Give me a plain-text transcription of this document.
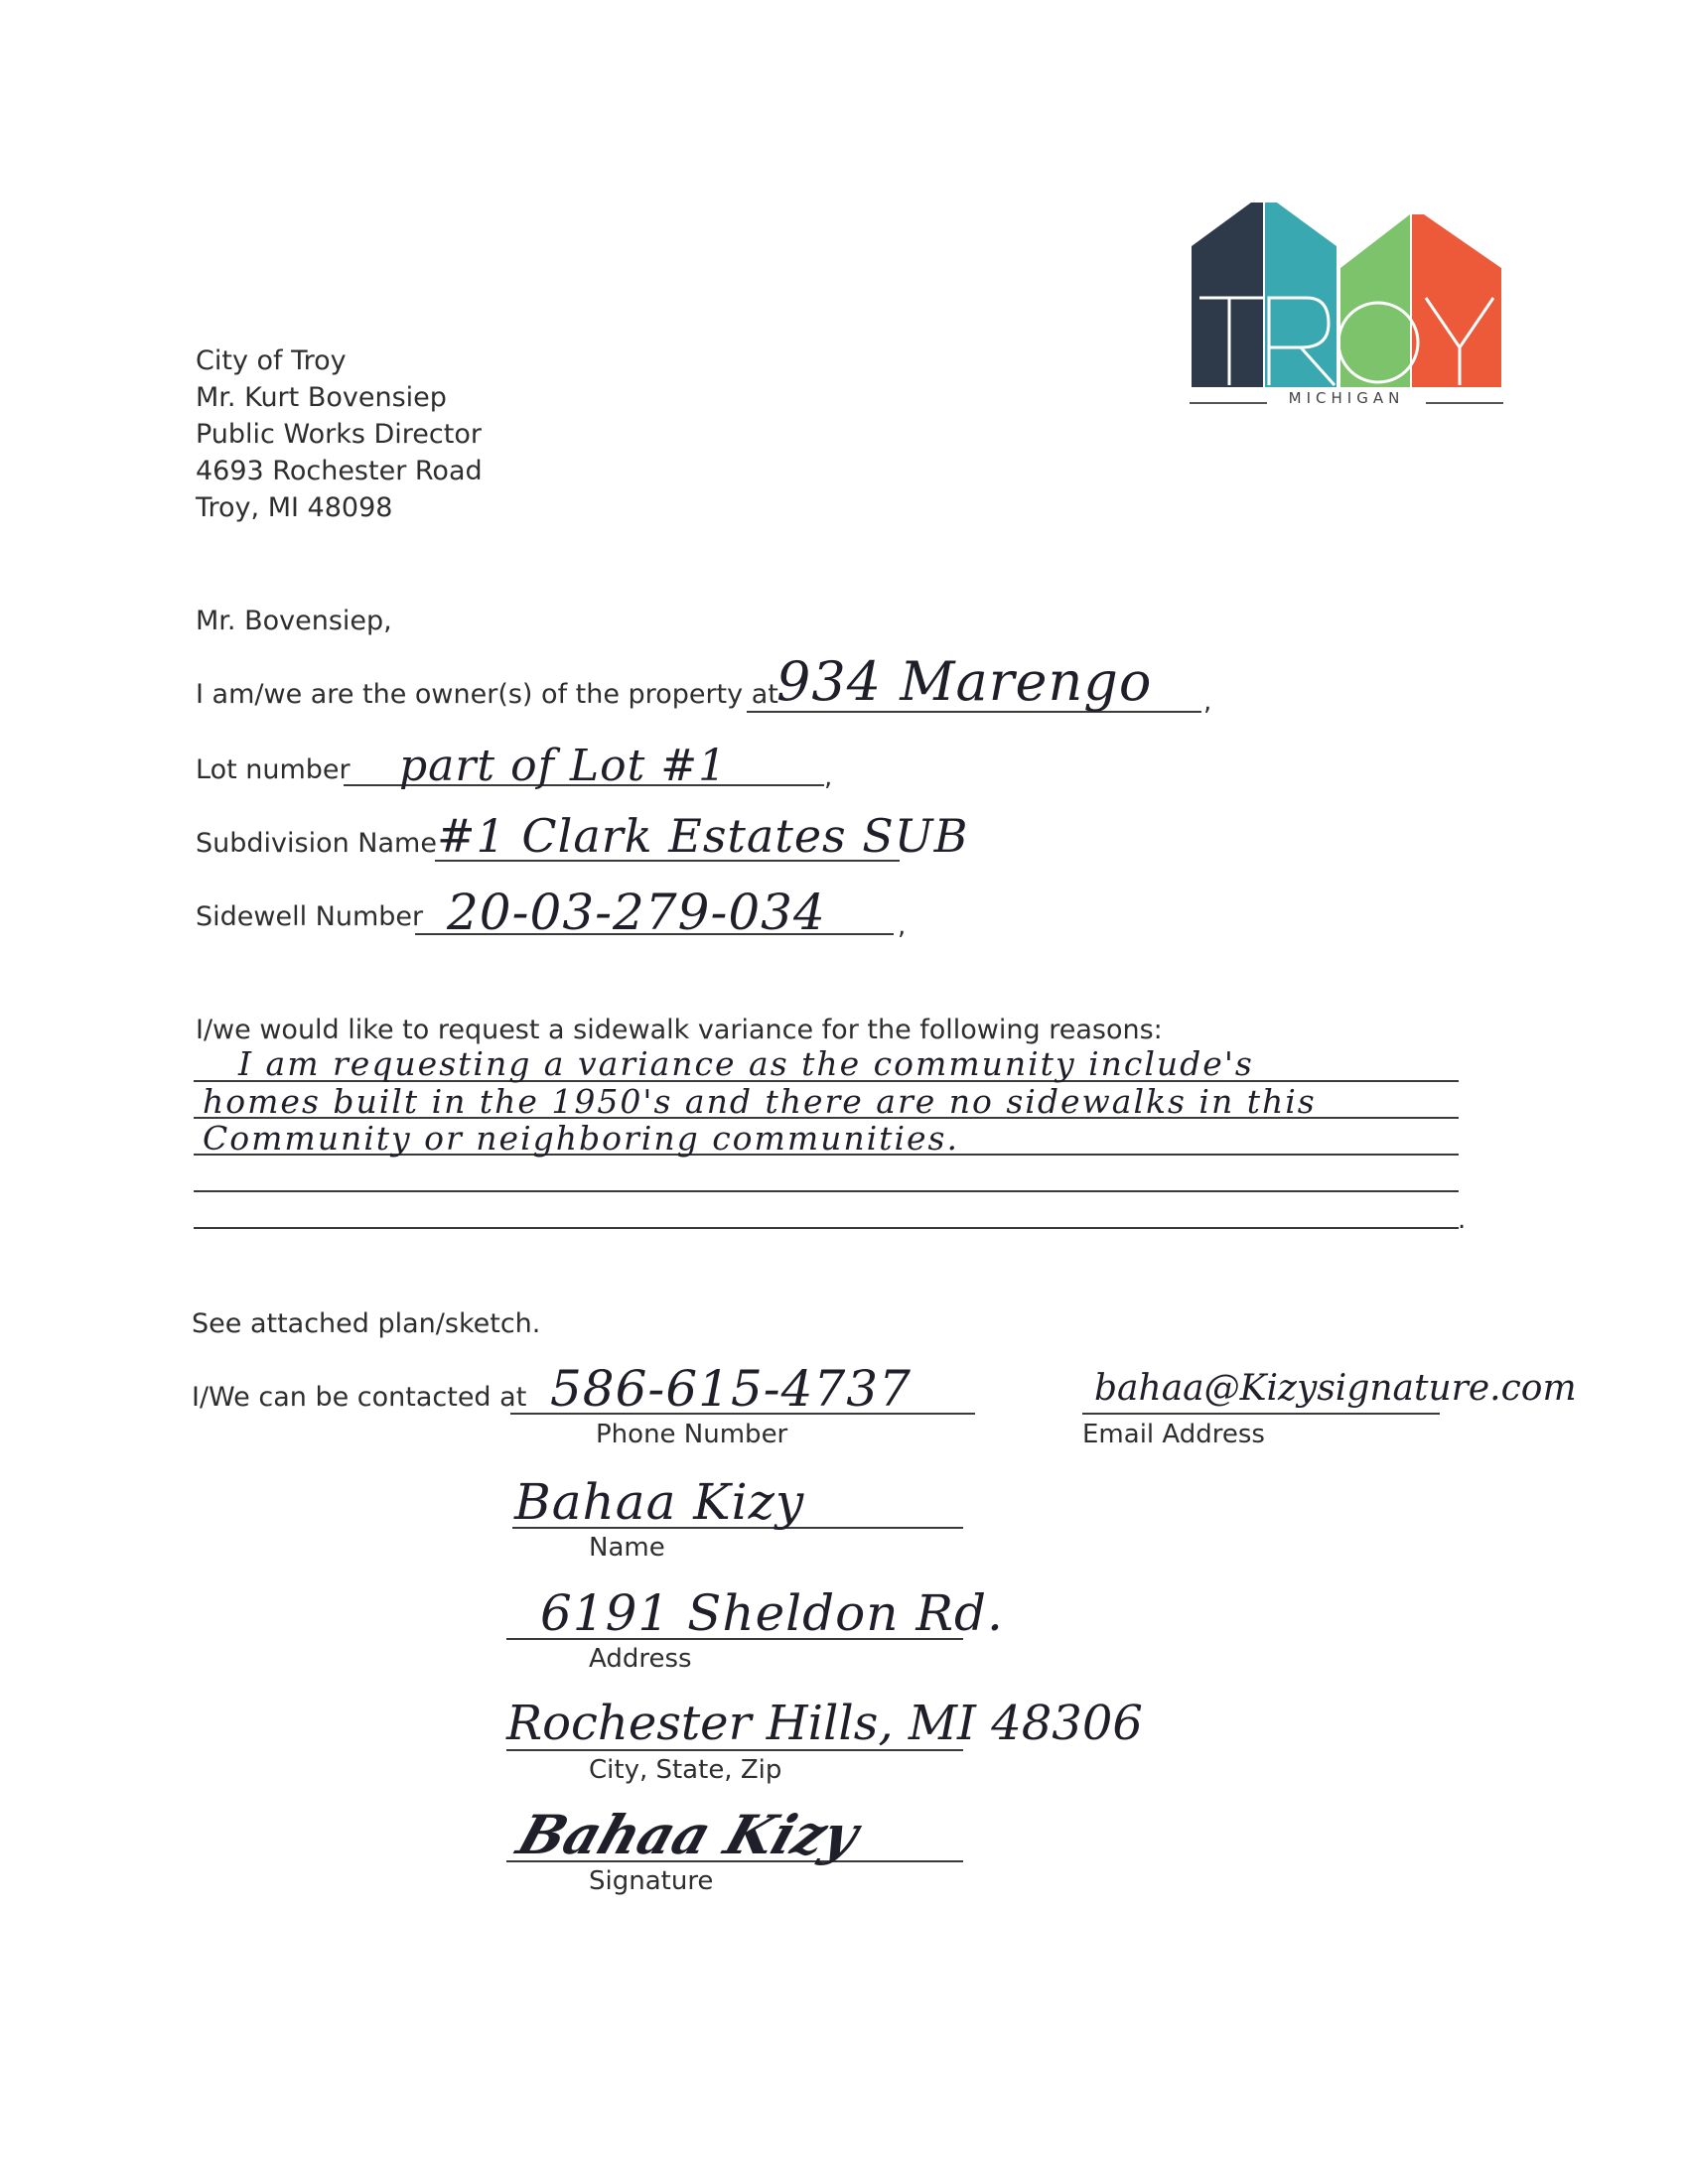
MICHIGAN
City of Troy
Mr. Kurt Bovensiep
Public Works Director
4693 Rochester Road
Troy, MI 48098
Mr. Bovensiep,
I am/we are the owner(s) of the property at
934 Marengo ,
Lot number part of Lot #1	,
Subdivision Name #1 Clark Estates SUB
Sidewell Number 20-03-279-034	,
I/we would like to request a sidewalk variance for the following reasons:
.
I am requesting a variance as the community include's
homes built in the 1950's and there are no sidewalks in this
Community or neighboring communities.
See attached plan/sketch.
I/We can be contacted at 586-615-4737
Phone Number
bahaa@Kizysignature.com
Email Address
Bahaa Kizy
Name
6191 Sheldon Rd.
Address
Rochester Hills, MI 48306
City, State, Zip
Bahaa Kizy
Signature
